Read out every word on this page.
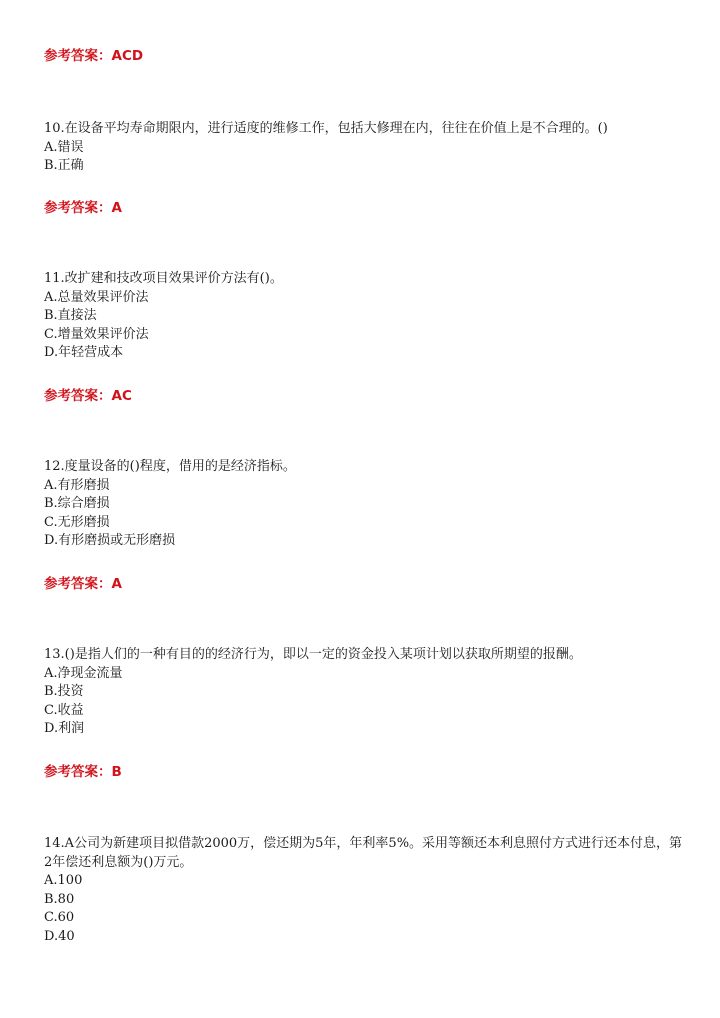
参考答案：ACD

10.在设备平均寿命期限内，进行适度的维修工作，包括大修理在内，往往在价值上是不合理的。()

A.错误

B.正确

参考答案：A

11.改扩建和技改项目效果评价方法有()。

A.总量效果评价法

B.直接法

C.增量效果评价法

D.年轻营成本

参考答案：AC

12.度量设备的()程度，借用的是经济指标。

A.有形磨损

B.综合磨损

C.无形磨损

D.有形磨损或无形磨损

参考答案：A

13.()是指人们的一种有目的的经济行为，即以一定的资金投入某项计划以获取所期望的报酬。

A.净现金流量

B.投资

C.收益

D.利润

参考答案：B

14.A公司为新建项目拟借款2000万，偿还期为5年，年利率5%。采用等额还本利息照付方式进行还本付息，第2年偿还利息额为()万元。

A.100

B.80

C.60

D.40
